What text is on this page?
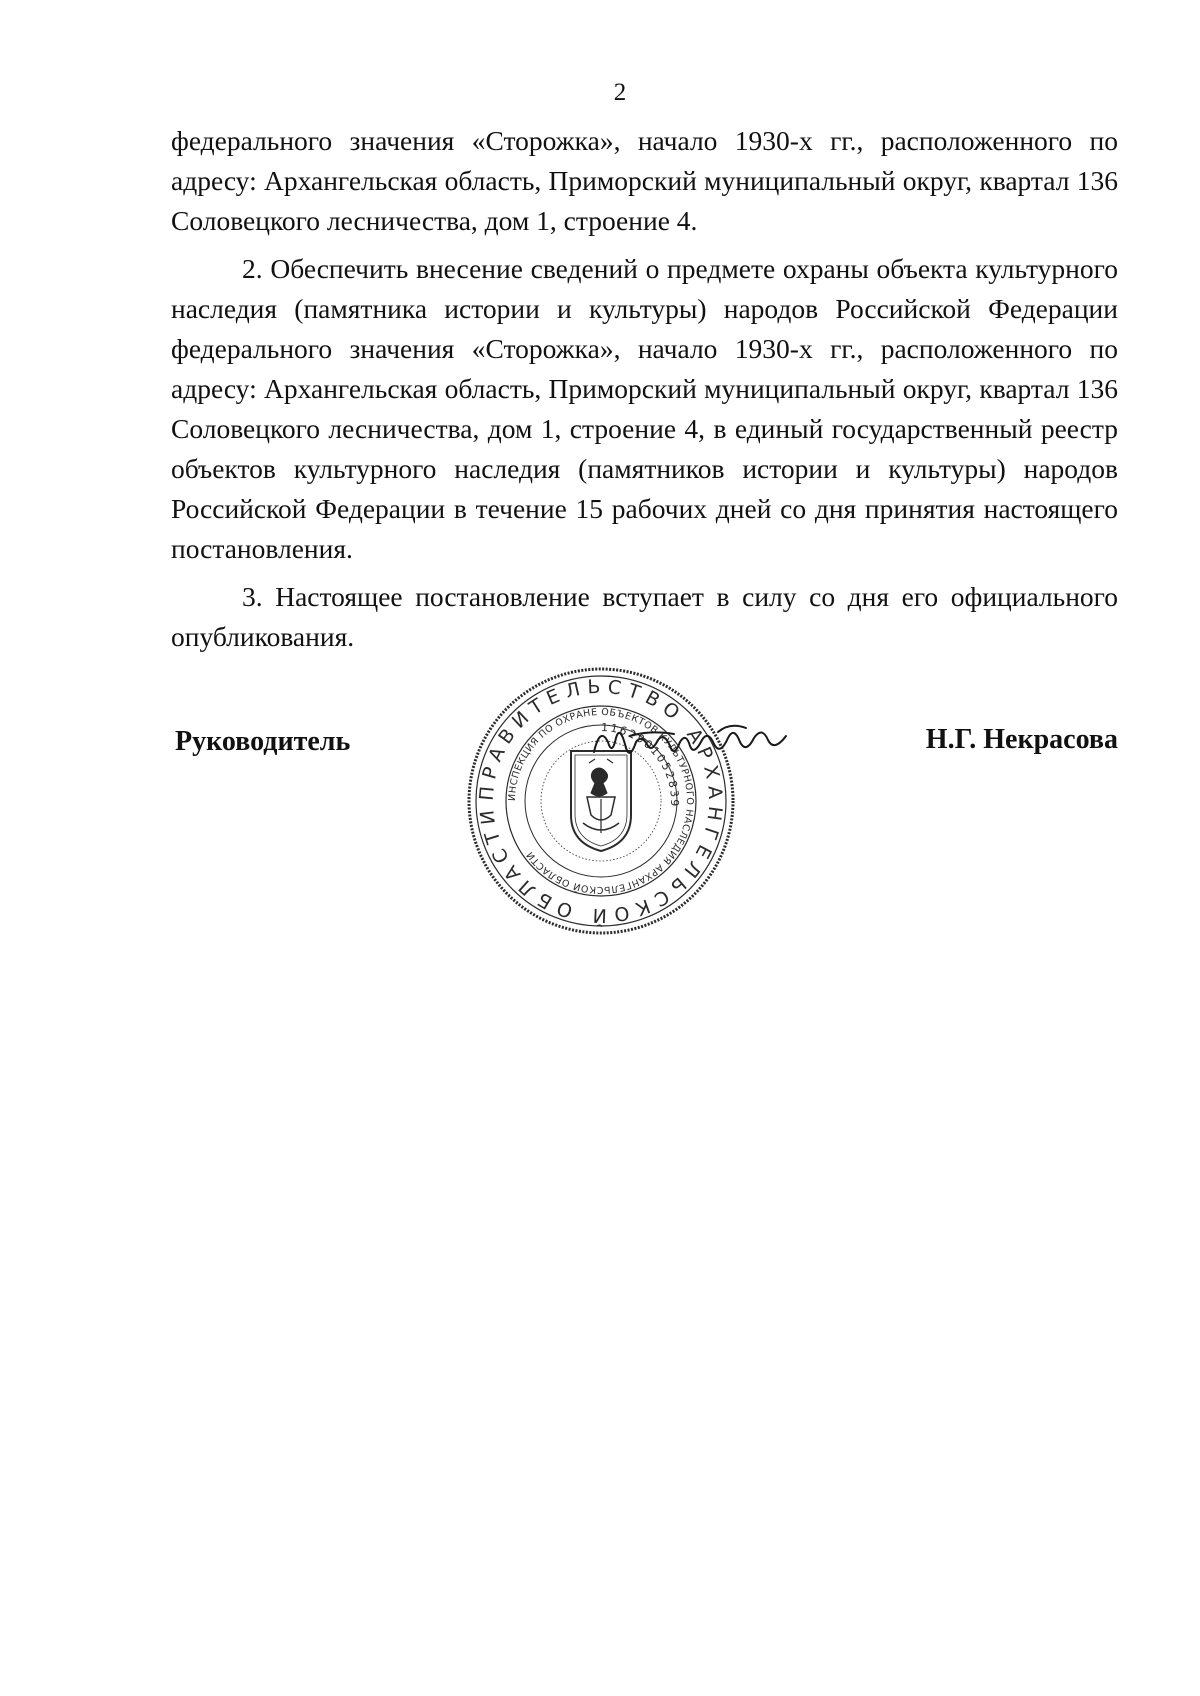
2

федерального значения «Сторожка», начало 1930-х гг., расположенного по адресу: Архангельская область, Приморский муниципальный округ, квартал 136 Соловецкого лесничества, дом 1, строение 4.

2. Обеспечить внесение сведений о предмете охраны объекта культурного наследия (памятника истории и культуры) народов Российской Федерации федерального значения «Сторожка», начало 1930-х гг., расположенного по адресу: Архангельская область, Приморский муниципальный округ, квартал 136 Соловецкого лесничества, дом 1, строение 4, в единый государственный реестр объектов культурного наследия (памятников истории и культуры) народов Российской Федерации в течение 15 рабочих дней со дня принятия настоящего постановления.

3. Настоящее постановление вступает в силу со дня его официального опубликования.

Руководитель	Н.Г. Некрасова
ПРАВИТЕЛЬСТВО АРХАНГЕЛЬСКОЙ ОБЛАСТИ
ИНСПЕКЦИЯ ПО ОХРАНЕ ОБЪЕКТОВ КУЛЬТУРНОГО НАСЛЕДИЯ АРХАНГЕЛЬСКОЙ ОБЛАСТИ
1162901052839
